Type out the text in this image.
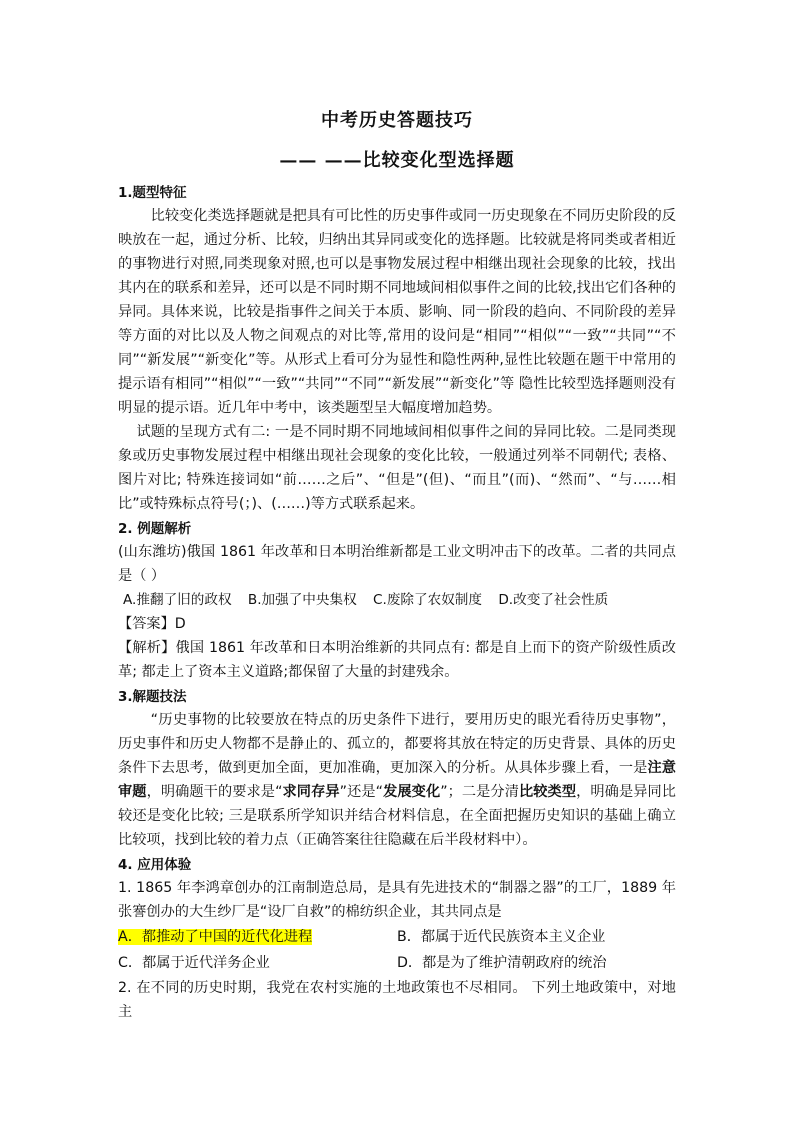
中考历史答题技巧
—— ——比较变化型选择题
1.题型特征

比较变化类选择题就是把具有可比性的历史事件或同一历史现象在不同历史阶段的反映放在一起，通过分析、比较，归纳出其异同或变化的选择题。比较就是将同类或者相近的事物进行对照,同类现象对照,也可以是事物发展过程中相继出现社会现象的比较，找出其内在的联系和差异，还可以是不同时期不同地域间相似事件之间的比较,找出它们各种的异同。具体来说，比较是指事件之间关于本质、影响、同一阶段的趋向、不同阶段的差异等方面的对比以及人物之间观点的对比等,常用的设问是“相同”“相似”“一致”“共同”“不同”“新发展”“新变化”等。从形式上看可分为显性和隐性两种,显性比较题在题干中常用的提示语有相同”“相似”“一致”“共同”“不同”“新发展”“新变化”等 隐性比较型选择题则没有明显的提示语。近几年中考中，该类题型呈大幅度增加趋势。

试题的呈现方式有二: 一是不同时期不同地域间相似事件之间的异同比较。二是同类现象或历史事物发展过程中相继出现社会现象的变化比较，一般通过列举不同朝代; 表格、图片对比; 特殊连接词如“前……之后”、“但是”(但)、“而且”(而)、“然而”、“与……相比”或特殊标点符号(；)、(……)等方式联系起来。

2. 例题解析

(山东潍坊)俄国 1861 年改革和日本明治维新都是工业文明冲击下的改革。二者的共同点是（ ）

A.推翻了旧的政权 B.加强了中央集权 C.废除了农奴制度 D.改变了社会性质

【答案】D

【解析】俄国 1861 年改革和日本明治维新的共同点有: 都是自上而下的资产阶级性质改革; 都走上了资本主义道路;都保留了大量的封建残余。

3.解题技法

“历史事物的比较要放在特点的历史条件下进行，要用历史的眼光看待历史事物”，历史事件和历史人物都不是静止的、孤立的，都要将其放在特定的历史背景、具体的历史条件下去思考，做到更加全面，更加准确，更加深入的分析。从具体步骤上看，一是注意审题，明确题干的要求是“求同存异”还是“发展变化”；二是分清比较类型，明确是异同比较还是变化比较; 三是联系所学知识并结合材料信息，在全面把握历史知识的基础上确立比较项，找到比较的着力点（正确答案往往隐藏在后半段材料中）。

4. 应用体验

1. 1865 年李鸿章创办的江南制造总局，是具有先进技术的“制器之器”的工厂，1889 年张謇创办的大生纱厂是“设厂自救”的棉纺织企业，其共同点是

A．都推动了中国的近代化进程	B．都属于近代民族资本主义企业
C．都属于近代洋务企业	D．都是为了维护清朝政府的统治

2. 在不同的历史时期，我党在农村实施的土地政策也不尽相同。 下列土地政策中，对地主
